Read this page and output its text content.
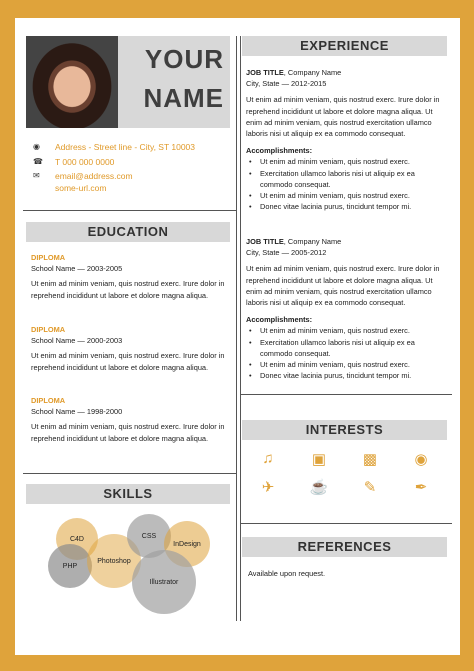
YOUR
NAME
◉	Address - Street line - City, ST 10003
☎ T 000 000 0000
✉	email@address.com
some-url.com
EDUCATION
DIPLOMA
School Name — 2003-2005
Ut enim ad minim veniam, quis nostrud exerc. Irure dolor in reprehend incididunt ut labore et dolore magna aliqua.
DIPLOMA
School Name — 2000-2003
Ut enim ad minim veniam, quis nostrud exerc. Irure dolor in reprehend incididunt ut labore et dolore magna aliqua.
DIPLOMA
School Name — 1998-2000
Ut enim ad minim veniam, quis nostrud exerc. Irure dolor in reprehend incididunt ut labore et dolore magna aliqua.
SKILLS
C4D
PHP
Photoshop
CSS
InDesign
Illustrator
EXPERIENCE
JOB TITLE, Company Name
City, State — 2012-2015
Ut enim ad minim veniam, quis nostrud exerc. Irure dolor in reprehend incididunt ut labore et dolore magna aliqua. Ut enim ad minim veniam, quis nostrud exercitation ullamco laboris nisi ut aliquip ex ea commodo consequat.
Accomplishments:
• Ut enim ad minim veniam, quis nostrud exerc.
• Exercitation ullamco laboris nisi ut aliquip ex ea commodo consequat.
• Ut enim ad minim veniam, quis nostrud exerc.
• Donec vitae lacinia purus, tincidunt tempor mi.
JOB TITLE, Company Name
City, State — 2005-2012
Ut enim ad minim veniam, quis nostrud exerc. Irure dolor in reprehend incididunt ut labore et dolore magna aliqua. Ut enim ad minim veniam, quis nostrud exercitation ullamco laboris nisi ut aliquip ex ea commodo consequat.
Accomplishments:
• Ut enim ad minim veniam, quis nostrud exerc.
• Exercitation ullamco laboris nisi ut aliquip ex ea commodo consequat.
• Ut enim ad minim veniam, quis nostrud exerc.
• Donec vitae lacinia purus, tincidunt tempor mi.
INTERESTS
♫	▣ ▩ ◉
✈ ☕ ✎	✒
REFERENCES
Available upon request.
